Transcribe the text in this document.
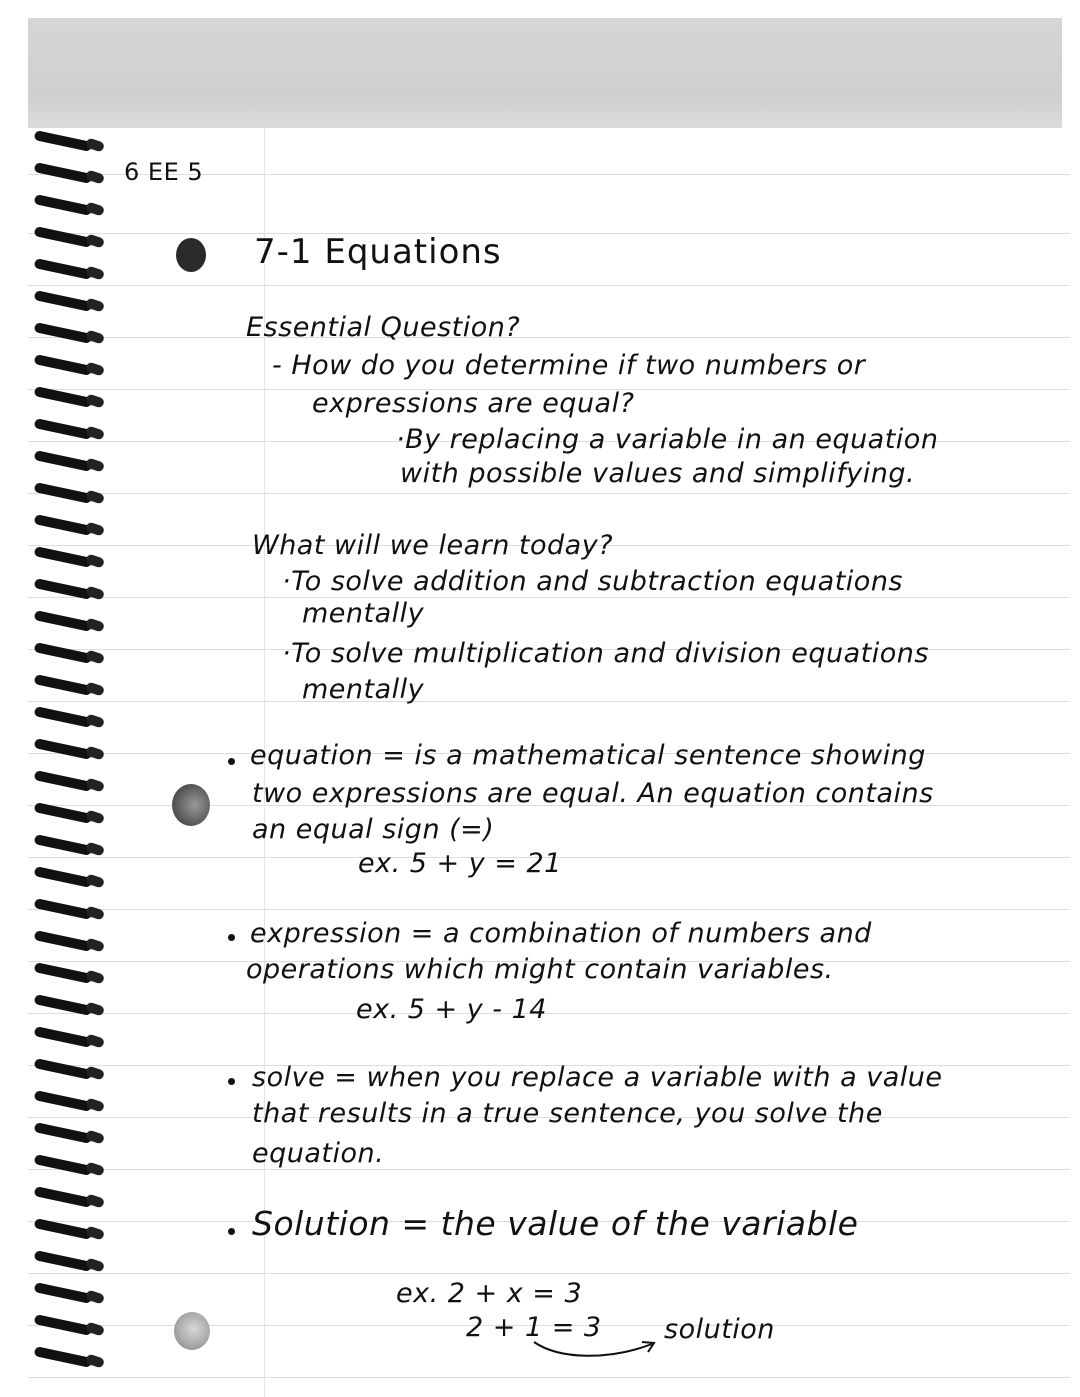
6 EE 5
7-1 Equations
Essential Question?
- How do you determine if two numbers or
expressions are equal?
·By replacing a variable in an equation
with possible values and simplifying.
What will we learn today?
·To solve addition and subtraction equations
mentally
·To solve multiplication and division equations
mentally
equation = is a mathematical sentence showing
two expressions are equal. An equation contains
an equal sign (=)
ex. 5 + y = 21
expression = a combination of numbers and
operations which might contain variables.
ex. 5 + y - 14
solve = when you replace a variable with a value
that results in a true sentence, you solve the
equation.
Solution = the value of the variable
ex. 2 + x = 3
2 + 1 = 3 solution
